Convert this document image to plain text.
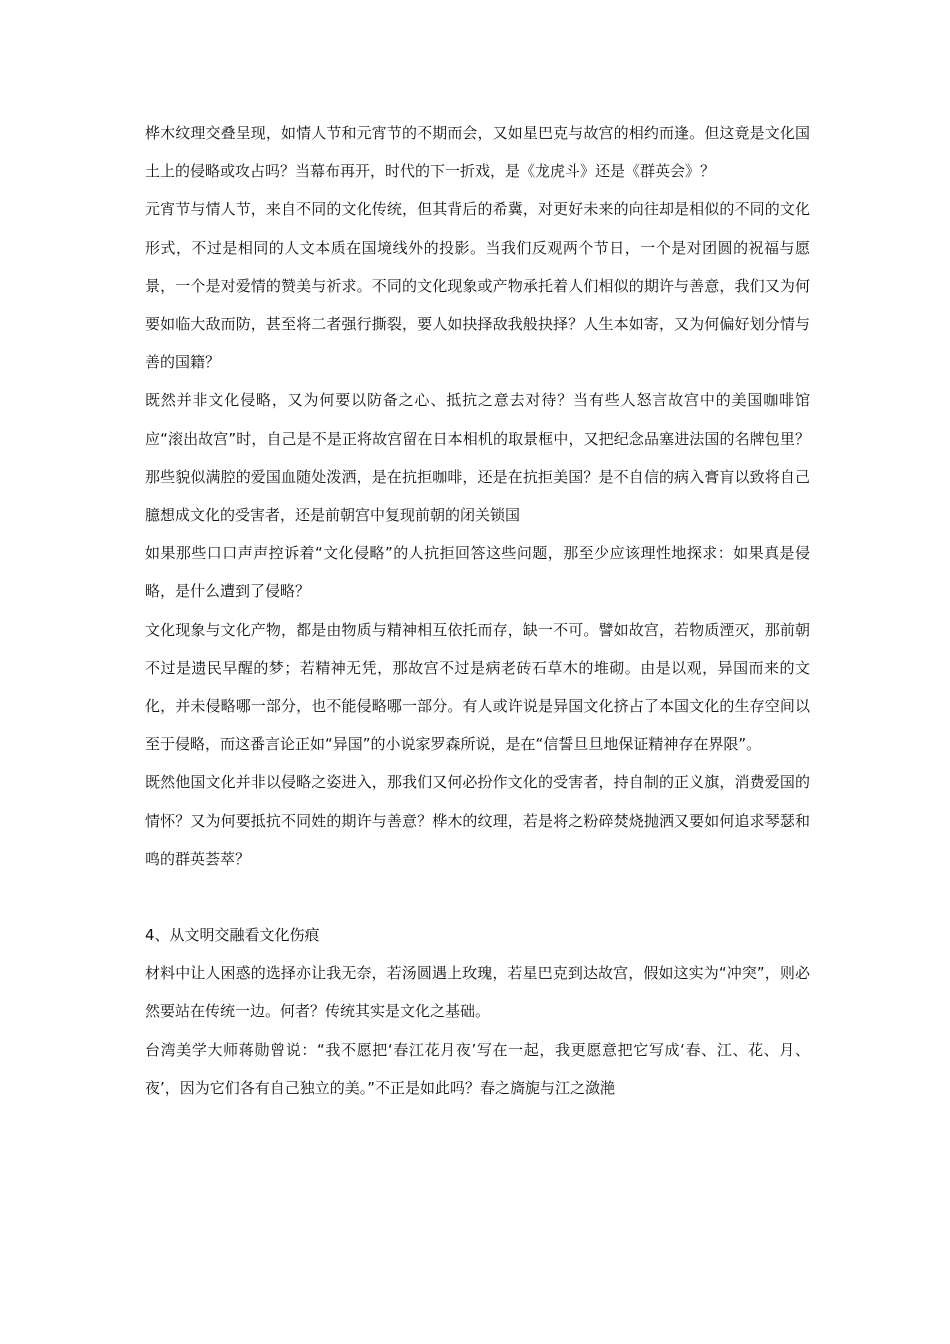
桦木纹理交叠呈现，如情人节和元宵节的不期而会，又如星巴克与故宫的相约而逢。但这竟是文化国土上的侵略或攻占吗？当幕布再开，时代的下一折戏，是《龙虎斗》还是《群英会》？

元宵节与情人节，来自不同的文化传统，但其背后的希冀，对更好未来的向往却是相似的不同的文化形式，不过是相同的人文本质在国境线外的投影。当我们反观两个节日，一个是对团圆的祝福与愿景，一个是对爱情的赞美与祈求。不同的文化现象或产物承托着人们相似的期许与善意，我们又为何要如临大敌而防，甚至将二者强行撕裂，要人如抉择敌我般抉择？人生本如寄，又为何偏好划分情与善的国籍？

既然并非文化侵略，又为何要以防备之心、抵抗之意去对待？当有些人怒言故宫中的美国咖啡馆应“滚出故宫”时，自己是不是正将故宫留在日本相机的取景框中，又把纪念品塞进法国的名牌包里？那些貌似满腔的爱国血随处泼洒，是在抗拒咖啡，还是在抗拒美国？是不自信的病入膏肓以致将自己臆想成文化的受害者，还是前朝宫中复现前朝的闭关锁国

如果那些口口声声控诉着“文化侵略”的人抗拒回答这些问题，那至少应该理性地探求：如果真是侵略，是什么遭到了侵略？

文化现象与文化产物，都是由物质与精神相互依托而存，缺一不可。譬如故宫，若物质湮灭，那前朝不过是遗民早醒的梦；若精神无凭，那故宫不过是病老砖石草木的堆砌。由是以观，异国而来的文化，并未侵略哪一部分，也不能侵略哪一部分。有人或许说是异国文化挤占了本国文化的生存空间以至于侵略，而这番言论正如“异国”的小说家罗森所说，是在“信誓旦旦地保证精神存在界限”。

既然他国文化并非以侵略之姿进入，那我们又何必扮作文化的受害者，持自制的正义旗，消费爱国的情怀？又为何要抵抗不同姓的期许与善意？桦木的纹理，若是将之粉碎焚烧抛洒又要如何追求琴瑟和鸣的群英荟萃？

4、从文明交融看文化伤痕

材料中让人困惑的选择亦让我无奈，若汤圆遇上玫瑰，若星巴克到达故宫，假如这实为“冲突”，则必然要站在传统一边。何者？传统其实是文化之基础。

台湾美学大师蒋勋曾说：“我不愿把‘春江花月夜’写在一起，我更愿意把它写成‘春、江、花、月、夜’，因为它们各有自己独立的美。”不正是如此吗？春之旖旎与江之潋滟
